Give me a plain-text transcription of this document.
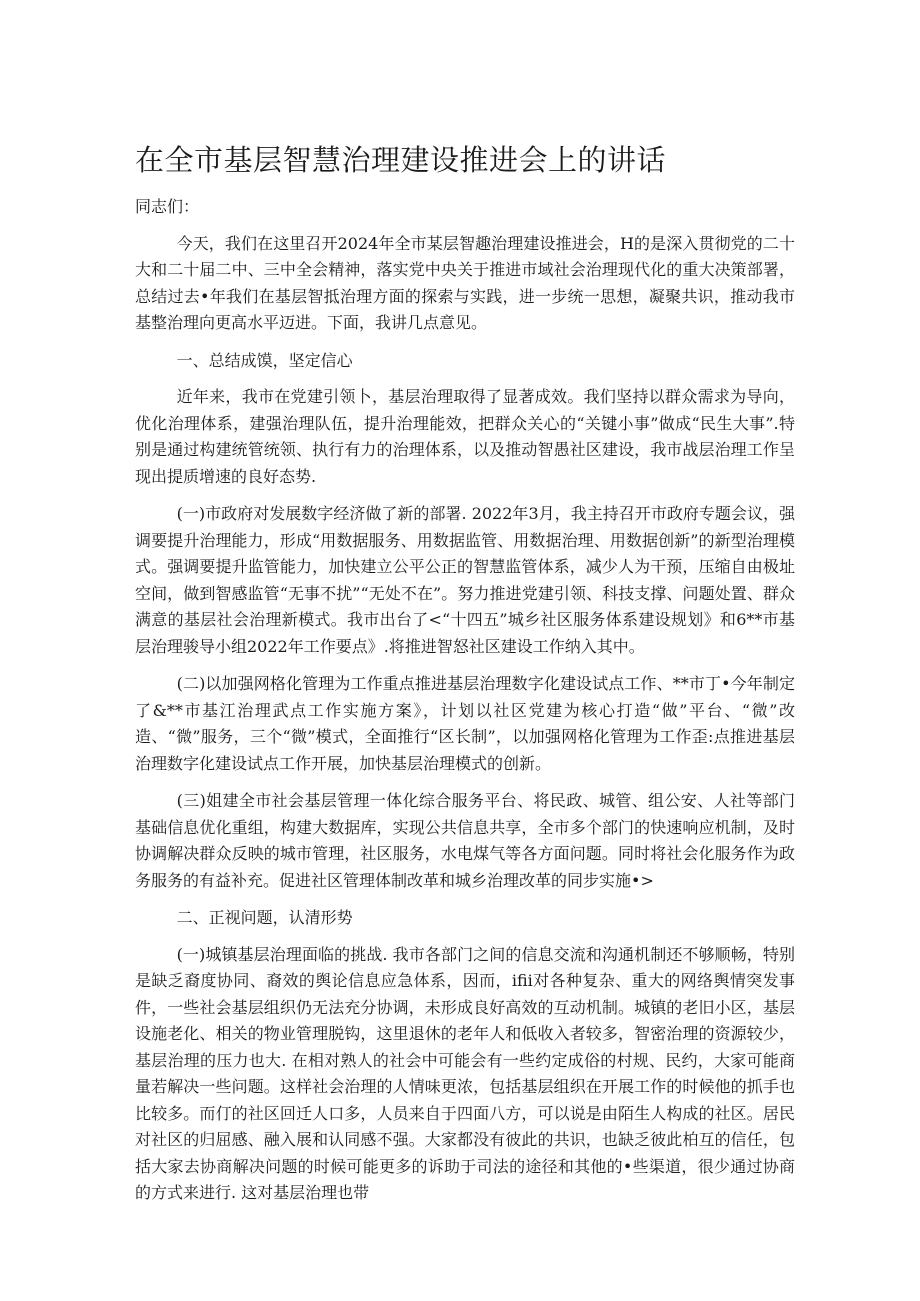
在全市基层智慧治理建设推进会上的讲话

同志们：

今天，我们在这里召开2024年全市某层智趣治理建设推进会，H的是深入贯彻党的二十大和二十届二中、三中全会精神，落实党中央关于推进市域社会治理现代化的重大决策部署，总结过去•年我们在基层智抵治理方面的探索与实践，进一步统一思想，凝聚共识，推动我市基整治理向更高水平迈进。下面，我讲几点意见。

一、总结成馍，坚定信心

近年来，我市在党建引领卜，基层治理取得了显著成效。我们坚持以群众需求为导向，优化治理体系，建强治理队伍，提升治理能效，把群众关心的“关键小事”做成“民生大事”.特别是通过构建统管统领、执行有力的治理体系，以及推动智愚社区建设，我市战层治理工作呈现出提质增速的良好态势.

(一)市政府对发展数字经济做了新的部署. 2022年3月，我主持召开市政府专题会议，强调要提升治理能力，形成“用数据服务、用数据监管、用数据治理、用数据创新”的新型治理模式。强调要提升监管能力，加快建立公平公正的智慧监管体系，减少人为干预，压缩自由极址空间，做到智感监管“无事不扰”“无处不在”。努力推进党建引领、科技支撑、问题处置、群众满意的基层社会治理新模式。我市出台了<“十四五”城乡社区服务体系建设规划》和6**市基层治理骏导小组2022年工作要点》.将推进智怒社区建设工作纳入其中。

(二)以加强网格化管理为工作重点推进基层治理数字化建设试点工作、**市丁•今年制定了&**市基江治理武点工作实施方案》，计划以社区党建为核心打造“做”平台、“微”改造、“微”服务，三个“微”模式，全面推行“区长制”，以加强网格化管理为工作歪:点推进基层治理数字化建设试点工作开展，加快基层治理模式的创新。

(三)姐建全市社会基层管理一体化综合服务平台、将民政、城管、组公安、人社等部门基础信息优化重组，构建大数据库，实现公共信息共享，全市多个部门的快速响应机制，及时协调解决群众反映的城市管理，社区服务，水电煤气等各方面问题。同时将社会化服务作为政务服务的有益补充。促进社区管理体制改革和城乡治理改革的同步实施•>

二、正视问题，认清形势

(一)城镇基层治理面临的挑战. 我市各部门之间的信息交流和沟通机制还不够顺畅，特别是缺乏裔度协同、裔效的舆论信息应急体系，因而，ifii对各种复杂、重大的网络舆情突发事件，一些社会基层组织仍无法充分协调，未形成良好高效的互动机制。城镇的老旧小区，基层设施老化、相关的物业管理脱钩，这里退休的老年人和低收入者较多，智密治理的资源较少，基层治理的压力也大. 在相对熟人的社会中可能会有一些约定成俗的村规、民约，大家可能商量若解决一些问题。这样社会治理的人情味更浓，包括基层组织在开展工作的时候他的抓手也比较多。而仃的社区回迁人口多，人员来自于四面八方，可以说是由陌生人构成的社区。居民对社区的归屈感、融入展和认同感不强。大家都没有彼此的共识，也缺乏彼此柏互的信任，包括大家去协商解决问题的时候可能更多的诉助于司法的途径和其他的•些渠道，很少通过协商的方式来进行. 这对基层治理也带
